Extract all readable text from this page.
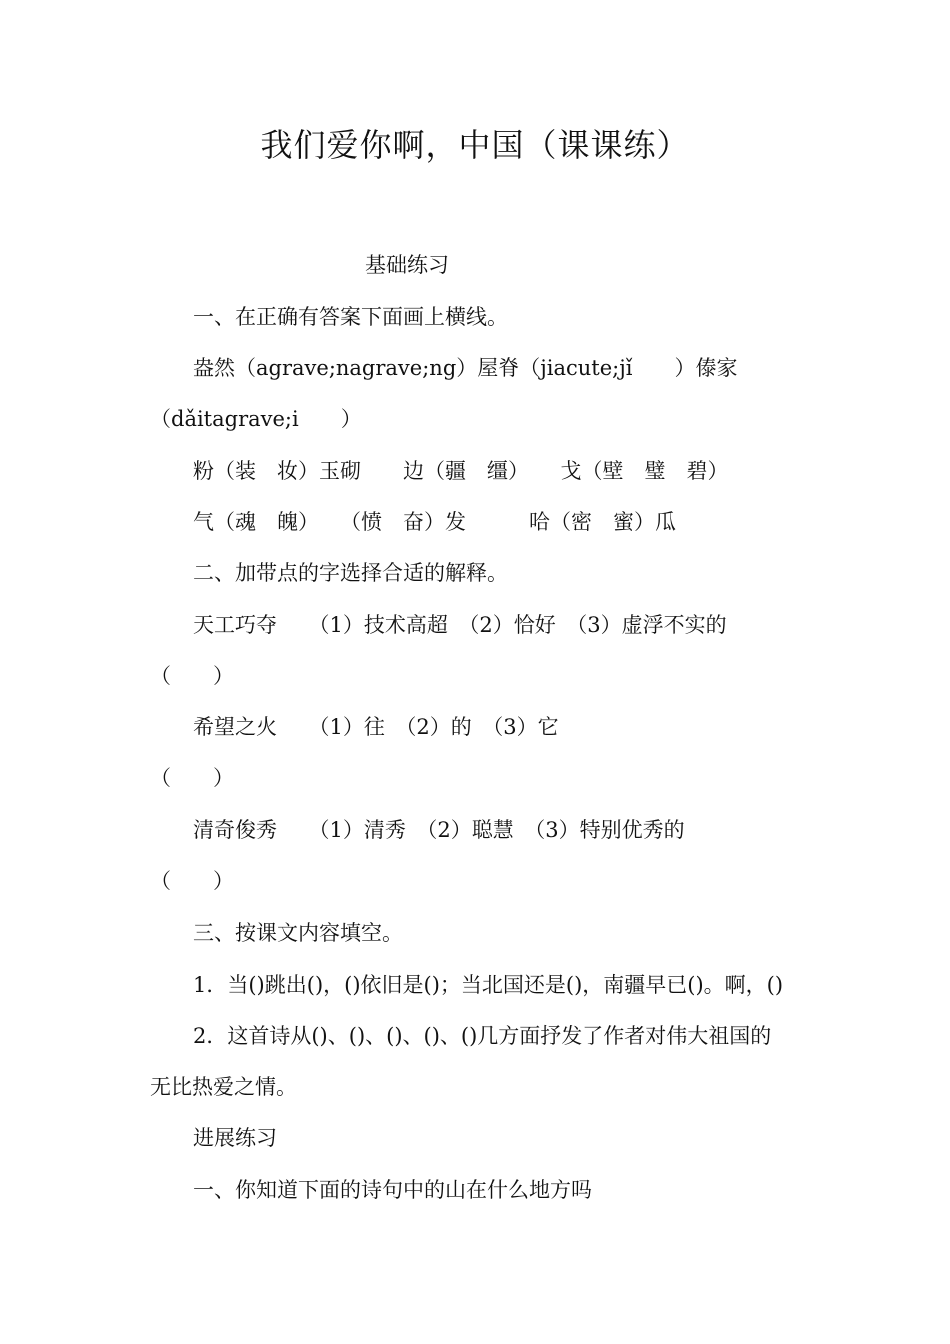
我们爱你啊，中国（课课练）
基础练习
一、在正确有答案下面画上横线。
盎然（agrave;nagrave;ng）屋脊（jiacute;jǐ　　）傣家
（dǎitagrave;i　　）
粉（装　妆）玉砌　　边（疆　缰）　　戈（壁　璧　碧）
气（魂　魄）　　（愤　奋）发　　　哈（密　蜜）瓜
二、加带点的字选择合适的解释。
天工巧夺　　（1）技术高超　（2）恰好　（3）虚浮不实的
（　　）
希望之火　　（1）往　（2）的　（3）它
（　　）
清奇俊秀　　（1）清秀　（2）聪慧　（3）特别优秀的
（　　）
三、按课文内容填空。
1．当()跳出()，()依旧是()；当北国还是()，南疆早已()。啊，()
2．这首诗从()、()、()、()、()几方面抒发了作者对伟大祖国的
无比热爱之情。
进展练习
一、你知道下面的诗句中的山在什么地方吗
